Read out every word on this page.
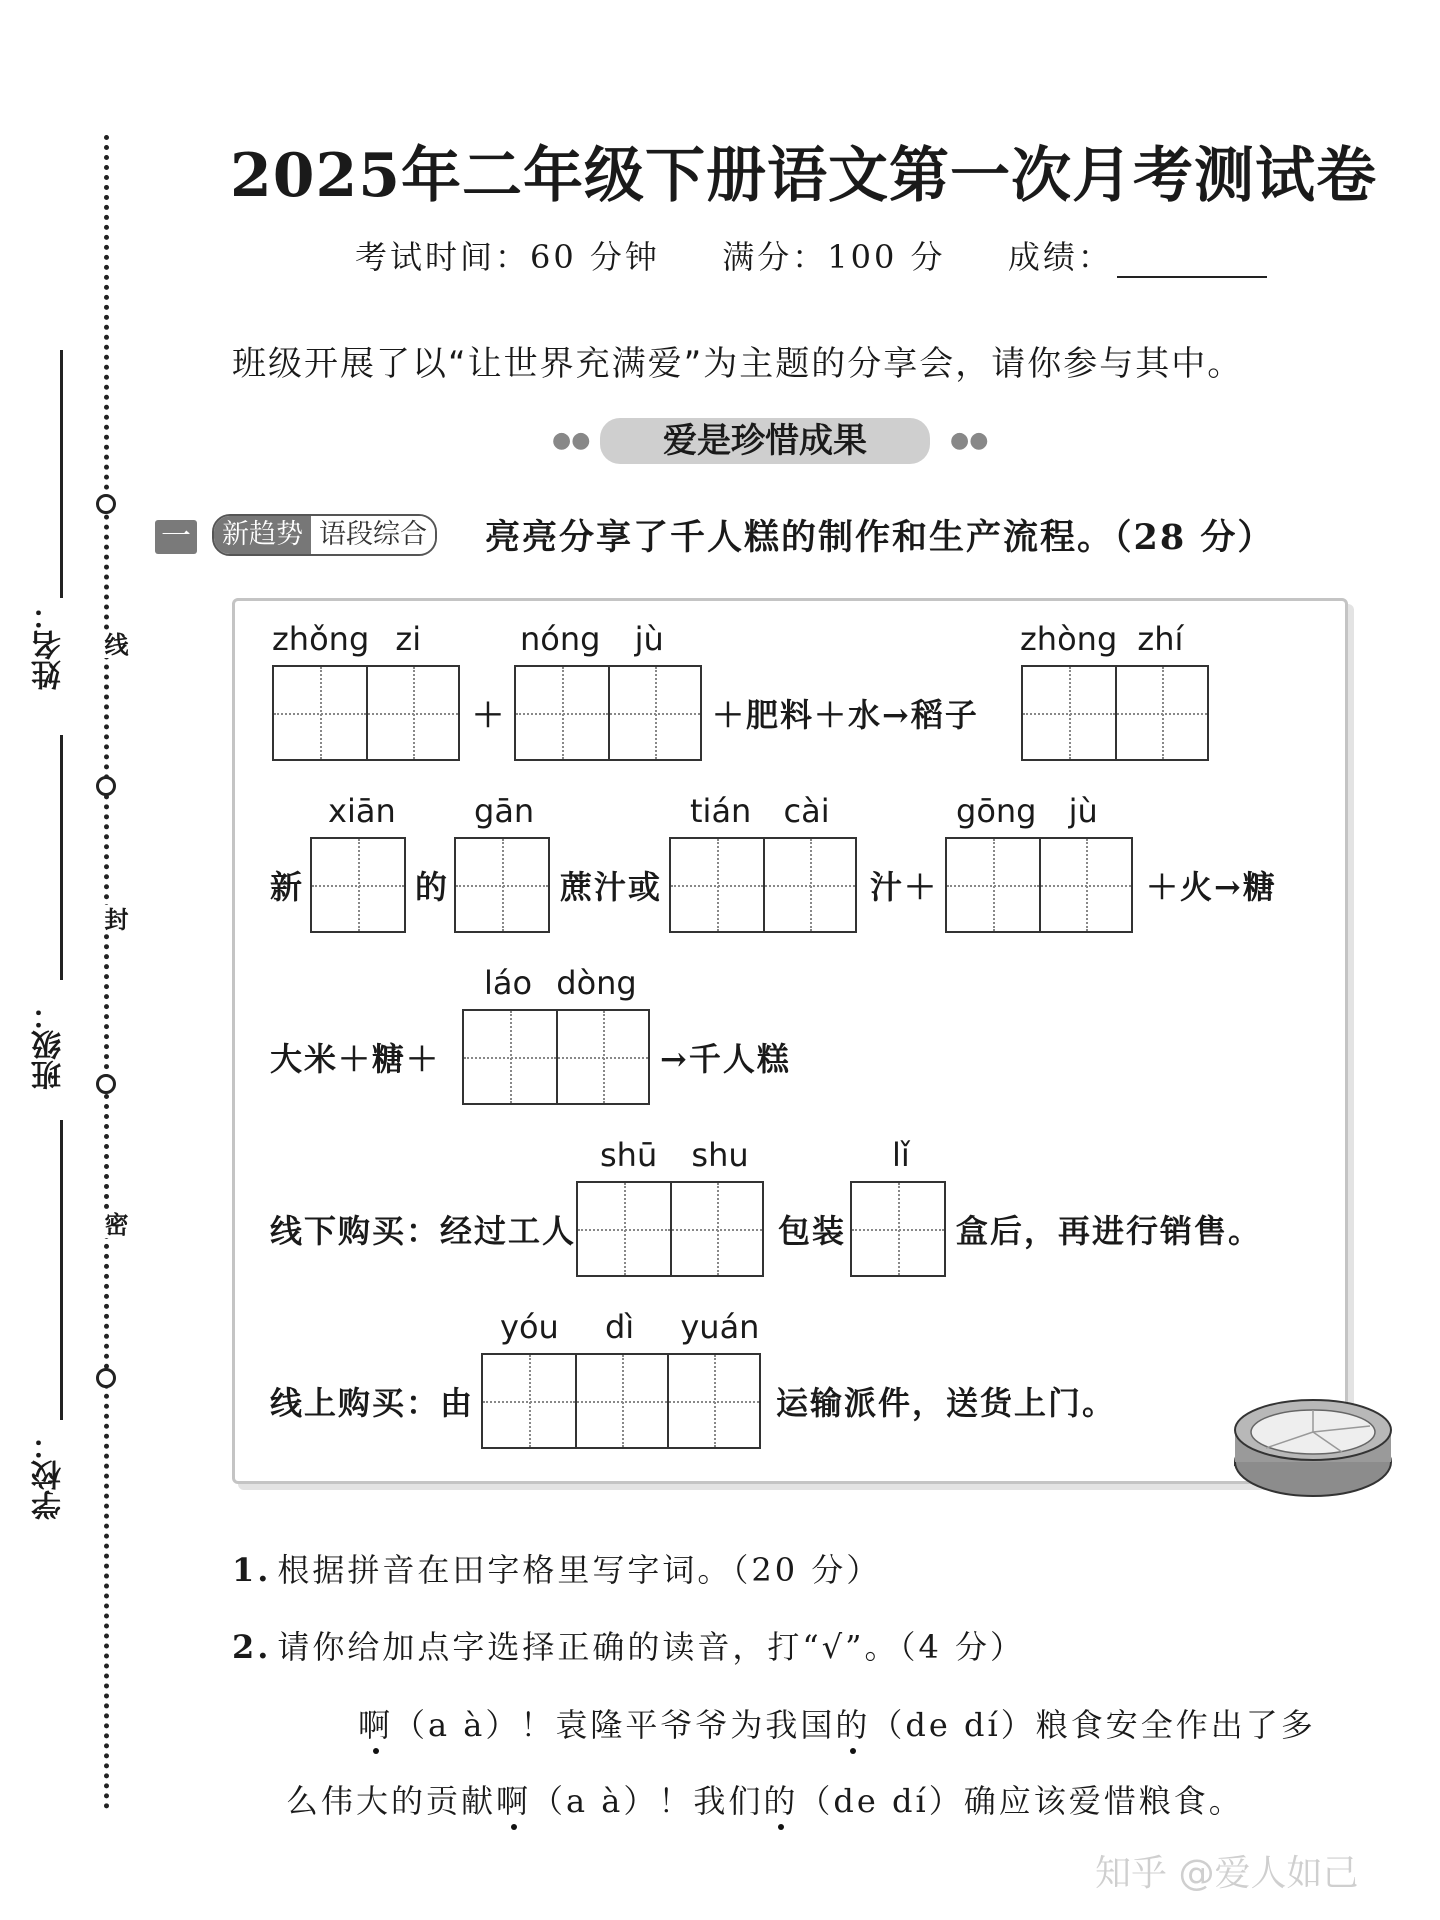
线
封
密
姓名：
班级：
学校：
2025年二年级下册语文第一次月考测试卷
考试时间：60 分钟 满分：100 分 成绩：
班级开展了以“让世界充满爱”为主题的分享会，请你参与其中。
●●	爱是珍惜成果	●●
一 新趋势 语段综合 亮亮分享了千人糕的制作和生产流程。（28 分）
zhǒng zi
＋
nóng jù
＋肥料＋水→稻子
zhòng zhí
新
xiān
的
gān
蔗汁或
tián cài
汁＋
gōng jù
＋火→糖
大米＋糖＋
láo dòng
→千人糕
线下购买：经过工人
shū shu
包装
lǐ
盒后，再进行销售。
线上购买：由
yóu dì yuán
运输派件，送货上门。
1. 根据拼音在田字格里写字词。（20 分）
2. 请你给加点字选择正确的读音，打“√”。（4 分）
啊（a à）！袁隆平爷爷为我国的（de dí）粮食安全作出了多
么伟大的贡献啊（a à）！我们的（de dí）确应该爱惜粮食。
知乎 @爱人如己
